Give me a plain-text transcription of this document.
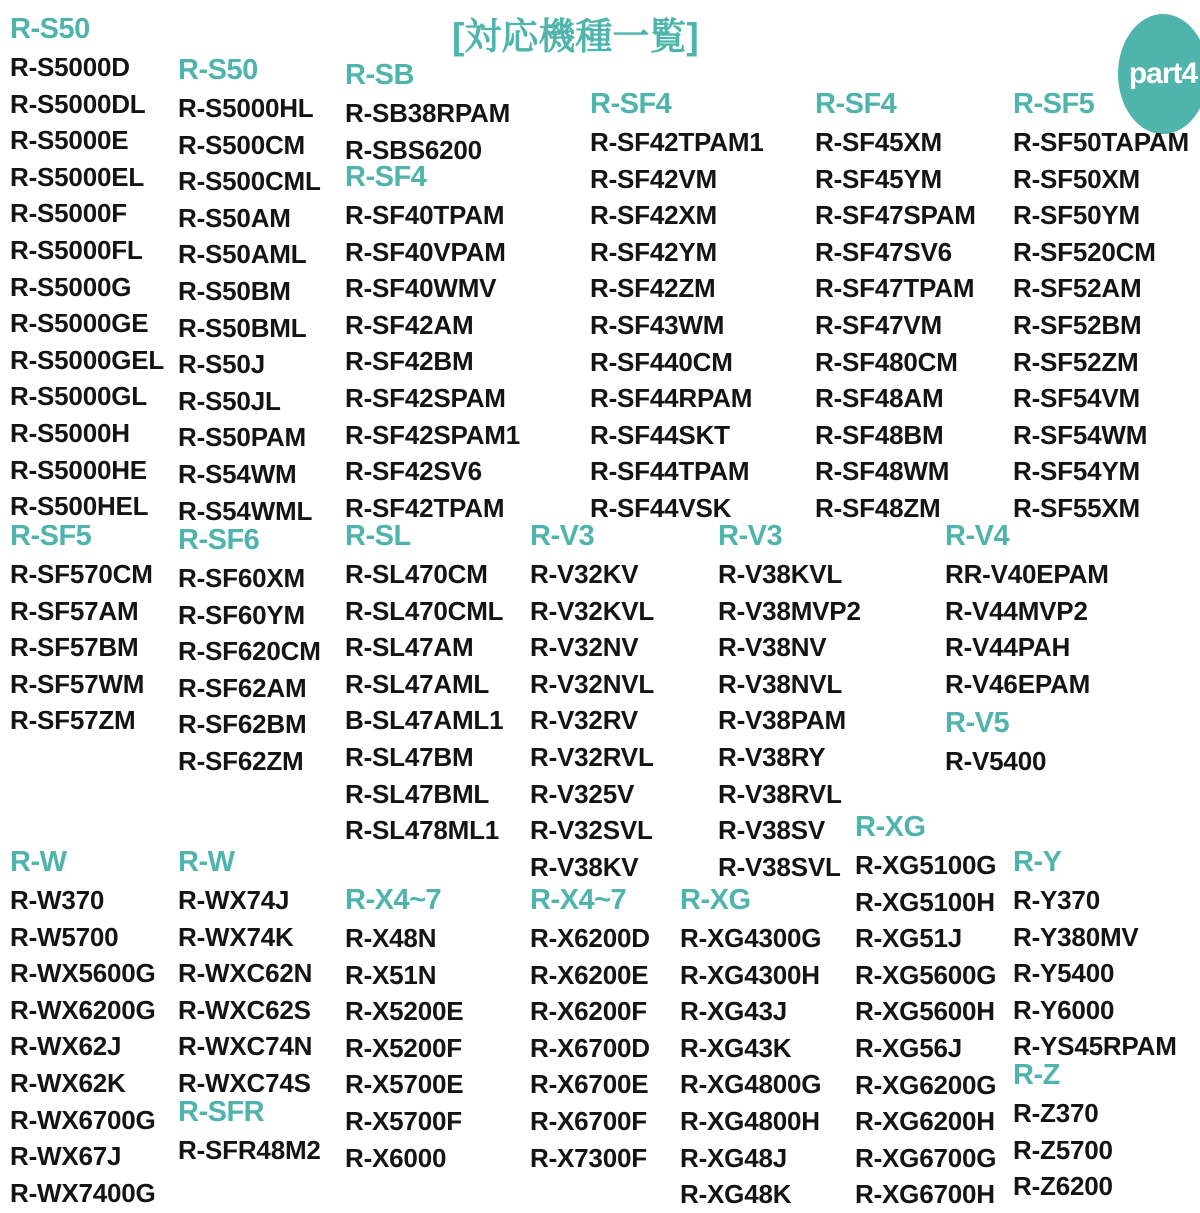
[対応機種一覧]
part4
R-S50
R-S5000D
R-S5000DL
R-S5000E
R-S5000EL
R-S5000F
R-S5000FL
R-S5000G
R-S5000GE
R-S5000GEL
R-S5000GL
R-S5000H
R-S5000HE
R-S500HEL
R-S50
R-S5000HL
R-S500CM
R-S500CML
R-S50AM
R-S50AML
R-S50BM
R-S50BML
R-S50J
R-S50JL
R-S50PAM
R-S54WM
R-S54WML
R-SB
R-SB38RPAM
R-SBS6200
R-SF4
R-SF40TPAM
R-SF40VPAM
R-SF40WMV
R-SF42AM
R-SF42BM
R-SF42SPAM
R-SF42SPAM1
R-SF42SV6
R-SF42TPAM
R-SF4
R-SF42TPAM1
R-SF42VM
R-SF42XM
R-SF42YM
R-SF42ZM
R-SF43WM
R-SF440CM
R-SF44RPAM
R-SF44SKT
R-SF44TPAM
R-SF44VSK
R-SF4
R-SF45XM
R-SF45YM
R-SF47SPAM
R-SF47SV6
R-SF47TPAM
R-SF47VM
R-SF480CM
R-SF48AM
R-SF48BM
R-SF48WM
R-SF48ZM
R-SF5
R-SF50TAPAM
R-SF50XM
R-SF50YM
R-SF520CM
R-SF52AM
R-SF52BM
R-SF52ZM
R-SF54VM
R-SF54WM
R-SF54YM
R-SF55XM
R-SF5
R-SF570CM
R-SF57AM
R-SF57BM
R-SF57WM
R-SF57ZM
R-SF6
R-SF60XM
R-SF60YM
R-SF620CM
R-SF62AM
R-SF62BM
R-SF62ZM
R-SL
R-SL470CM
R-SL470CML
R-SL47AM
R-SL47AML
B-SL47AML1
R-SL47BM
R-SL47BML
R-SL478ML1
R-V3
R-V32KV
R-V32KVL
R-V32NV
R-V32NVL
R-V32RV
R-V32RVL
R-V325V
R-V32SVL
R-V38KV
R-V3
R-V38KVL
R-V38MVP2
R-V38NV
R-V38NVL
R-V38PAM
R-V38RY
R-V38RVL
R-V38SV
R-V38SVL
R-V4
RR-V40EPAM
R-V44MVP2
R-V44PAH
R-V46EPAM
R-V5
R-V5400
R-XG
R-XG5100G
R-XG5100H
R-XG51J
R-XG5600G
R-XG5600H
R-XG56J
R-XG6200G
R-XG6200H
R-XG6700G
R-XG6700H
R-W
R-W370
R-W5700
R-WX5600G
R-WX6200G
R-WX62J
R-WX62K
R-WX6700G
R-WX67J
R-WX7400G
R-W
R-WX74J
R-WX74K
R-WXC62N
R-WXC62S
R-WXC74N
R-WXC74S
R-SFR
R-SFR48M2
R-X4~7
R-X48N
R-X51N
R-X5200E
R-X5200F
R-X5700E
R-X5700F
R-X6000
R-X4~7
R-X6200D
R-X6200E
R-X6200F
R-X6700D
R-X6700E
R-X6700F
R-X7300F
R-XG
R-XG4300G
R-XG4300H
R-XG43J
R-XG43K
R-XG4800G
R-XG4800H
R-XG48J
R-XG48K
R-Y
R-Y370
R-Y380MV
R-Y5400
R-Y6000
R-YS45RPAM
R-Z
R-Z370
R-Z5700
R-Z6200
